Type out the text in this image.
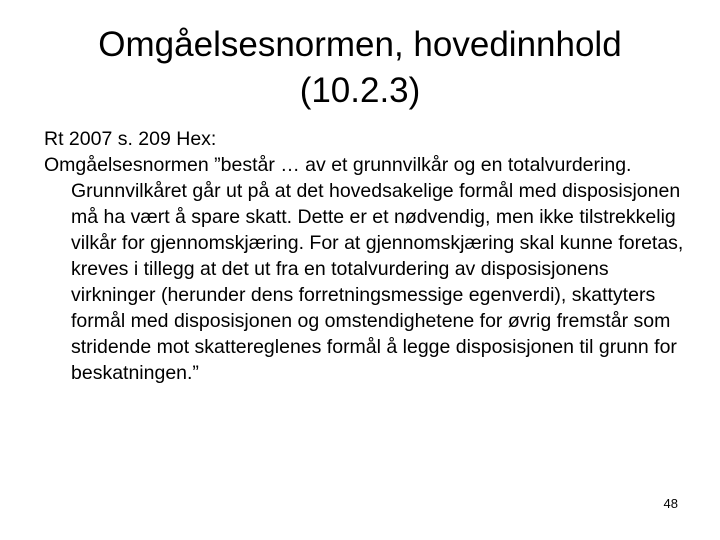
Omgåelsesnormen, hovedinnhold
(10.2.3)

Rt 2007 s. 209 Hex:

Omgåelsesnormen ”består … av et grunnvilkår og en totalvurdering. Grunnvilkåret går ut på at det hovedsakelige formål med disposisjonen må ha vært å spare skatt. Dette er et nødvendig, men ikke tilstrekkelig vilkår for gjennomskjæring. For at gjennomskjæring skal kunne foretas, kreves i tillegg at det ut fra en totalvurdering av disposisjonens virkninger (herunder dens forretningsmessige egenverdi), skattyters formål med disposisjonen og omstendighetene for øvrig fremstår som stridende mot skattereglenes formål å legge disposisjonen til grunn for beskatningen.”

48
